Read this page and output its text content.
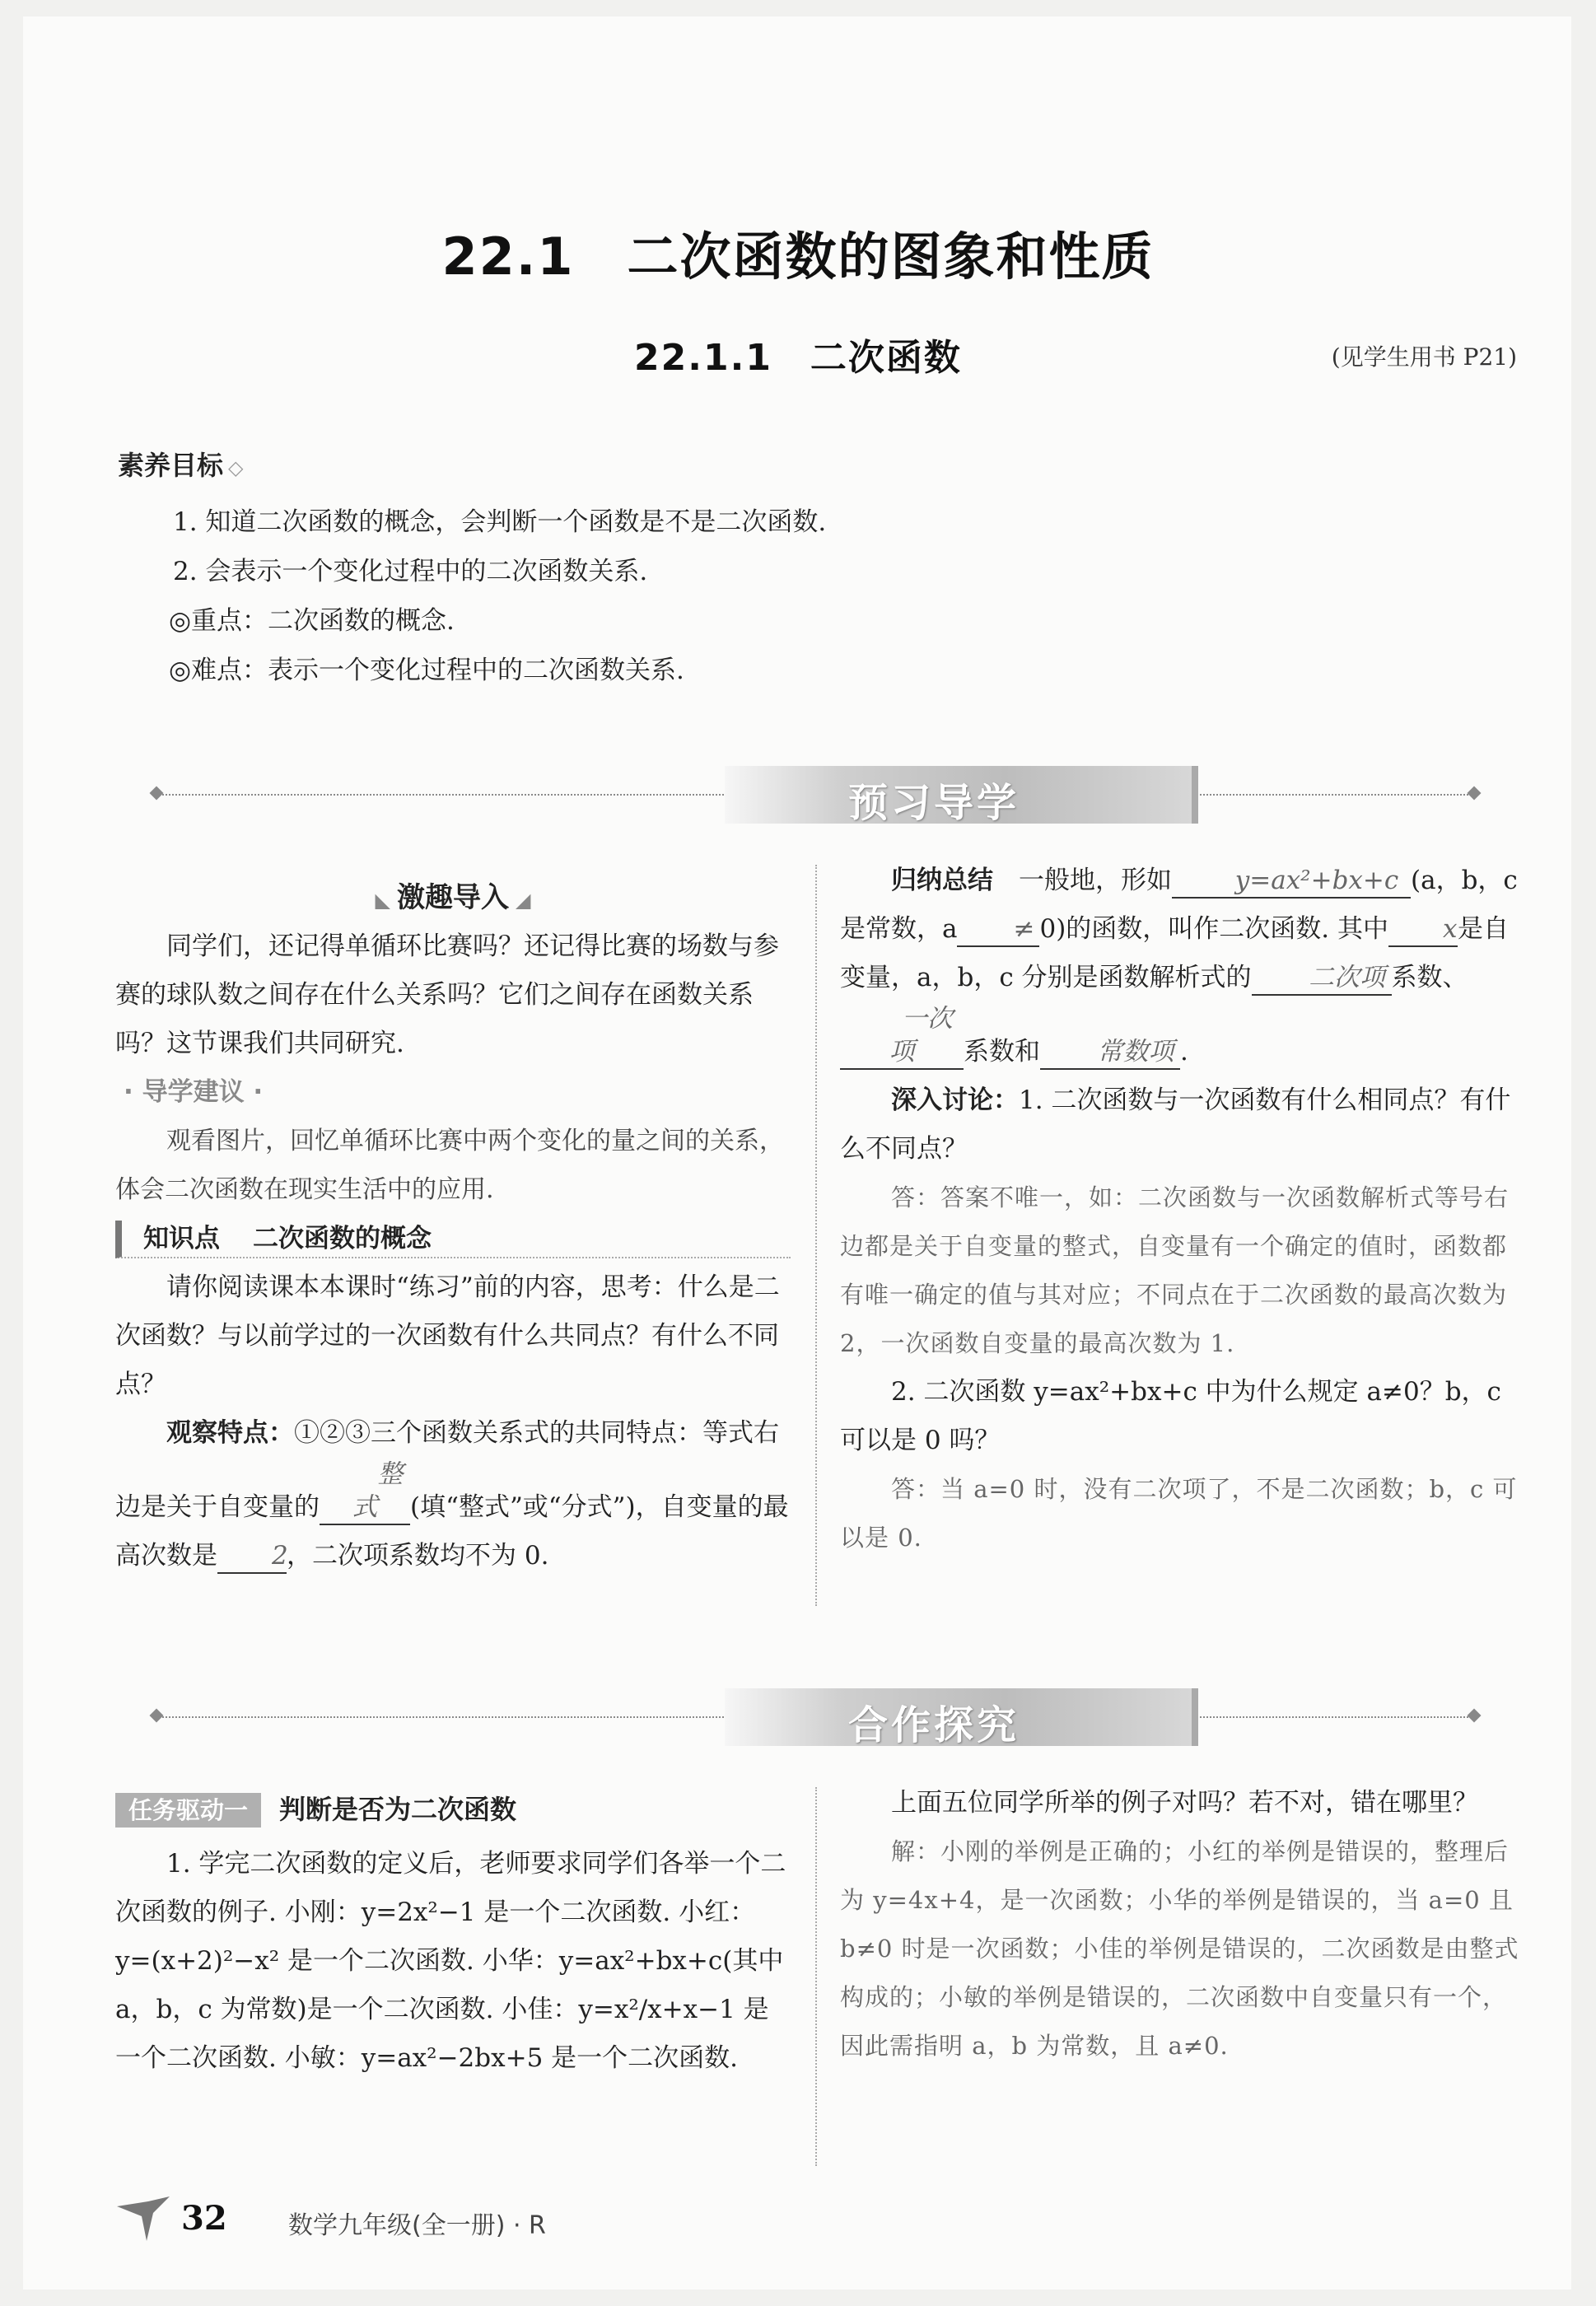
22.1　二次函数的图象和性质
22.1.1　二次函数	(见学生用书 P21)
素养目标 ◇
1. 知道二次函数的概念，会判断一个函数是不是二次函数.
2. 会表示一个变化过程中的二次函数关系.
◎重点：二次函数的概念.
◎难点：表示一个变化过程中的二次函数关系.
预习导学
◣ 激趣导入 ◢

同学们，还记得单循环比赛吗？还记得比赛的场数与参赛的球队数之间存在什么关系吗？它们之间存在函数关系吗？这节课我们共同研究.

· 导学建议 ·

观看图片，回忆单循环比赛中两个变化的量之间的关系，体会二次函数在现实生活中的应用.

知识点 二次函数的概念

请你阅读课本本课时“练习”前的内容，思考：什么是二次函数？与以前学过的一次函数有什么共同点？有什么不同点？

观察特点：①②③三个函数关系式的共同特点：等式右边是关于自变量的整式 (填“整式”或“分式”)，自变量的最高次数是 2，二次项系数均不为 0.

归纳总结　 一般地，形如 y=ax²+bx+c (a，b，c 是常数，a ≠ 0)的函数，叫作二次函数. 其中 x是自变量，a，b，c 分别是函数解析式的 二次项 系数、一次项 系数和 常数项 .

深入讨论：1. 二次函数与一次函数有什么相同点？有什么不同点？

答：答案不唯一，如：二次函数与一次函数解析式等号右边都是关于自变量的整式，自变量有一个确定的值时，函数都有唯一确定的值与其对应；不同点在于二次函数的最高次数为 2，一次函数自变量的最高次数为 1.

2. 二次函数 y=ax²+bx+c 中为什么规定 a≠0？b，c 可以是 0 吗？

答：当 a=0 时，没有二次项了，不是二次函数；b，c 可以是 0.

合作探究
任务驱动一 判断是否为二次函数

1. 学完二次函数的定义后，老师要求同学们各举一个二次函数的例子. 小刚：y=2x²−1 是一个二次函数. 小红：y=(x+2)²−x² 是一个二次函数. 小华：y=ax²+bx+c(其中 a，b，c 为常数)是一个二次函数. 小佳：y=x²/x+x−1 是一个二次函数. 小敏：y=ax²−2bx+5 是一个二次函数.

上面五位同学所举的例子对吗？若不对，错在哪里？

解：小刚的举例是正确的；小红的举例是错误的，整理后为 y=4x+4，是一次函数；小华的举例是错误的，当 a=0 且 b≠0 时是一次函数；小佳的举例是错误的，二次函数是由整式构成的；小敏的举例是错误的，二次函数中自变量只有一个，因此需指明 a，b 为常数，且 a≠0.

32 数学九年级(全一册) · R
